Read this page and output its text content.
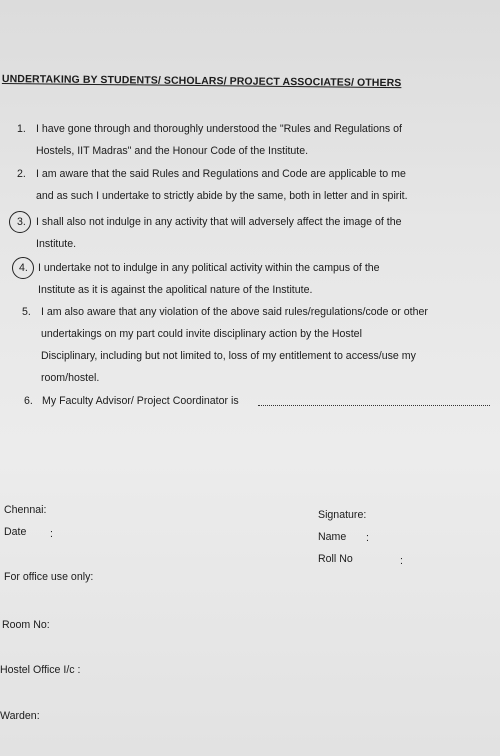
UNDERTAKING BY STUDENTS/ SCHOLARS/ PROJECT ASSOCIATES/ OTHERS
1. I have gone through and thoroughly understood the "Rules and Regulations of
Hostels, IIT Madras" and the Honour Code of the Institute.
2. I am aware that the said Rules and Regulations and Code are applicable to me
and as such I undertake to strictly abide by the same, both in letter and in spirit.
3. I shall also not indulge in any activity that will adversely affect the image of the
Institute.
4. I undertake not to indulge in any political activity within the campus of the
Institute as it is against the apolitical nature of the Institute.
5. I am also aware that any violation of the above said rules/regulations/code or other
undertakings on my part could invite disciplinary action by the Hostel
Disciplinary, including but not limited to, loss of my entitlement to access/use my
room/hostel.
6. My Faculty Advisor/ Project Coordinator is
Chennai:
Date :
Signature:
Name :
Roll No	:
For office use only:
Room No:
Hostel Office I/c :
Warden:
